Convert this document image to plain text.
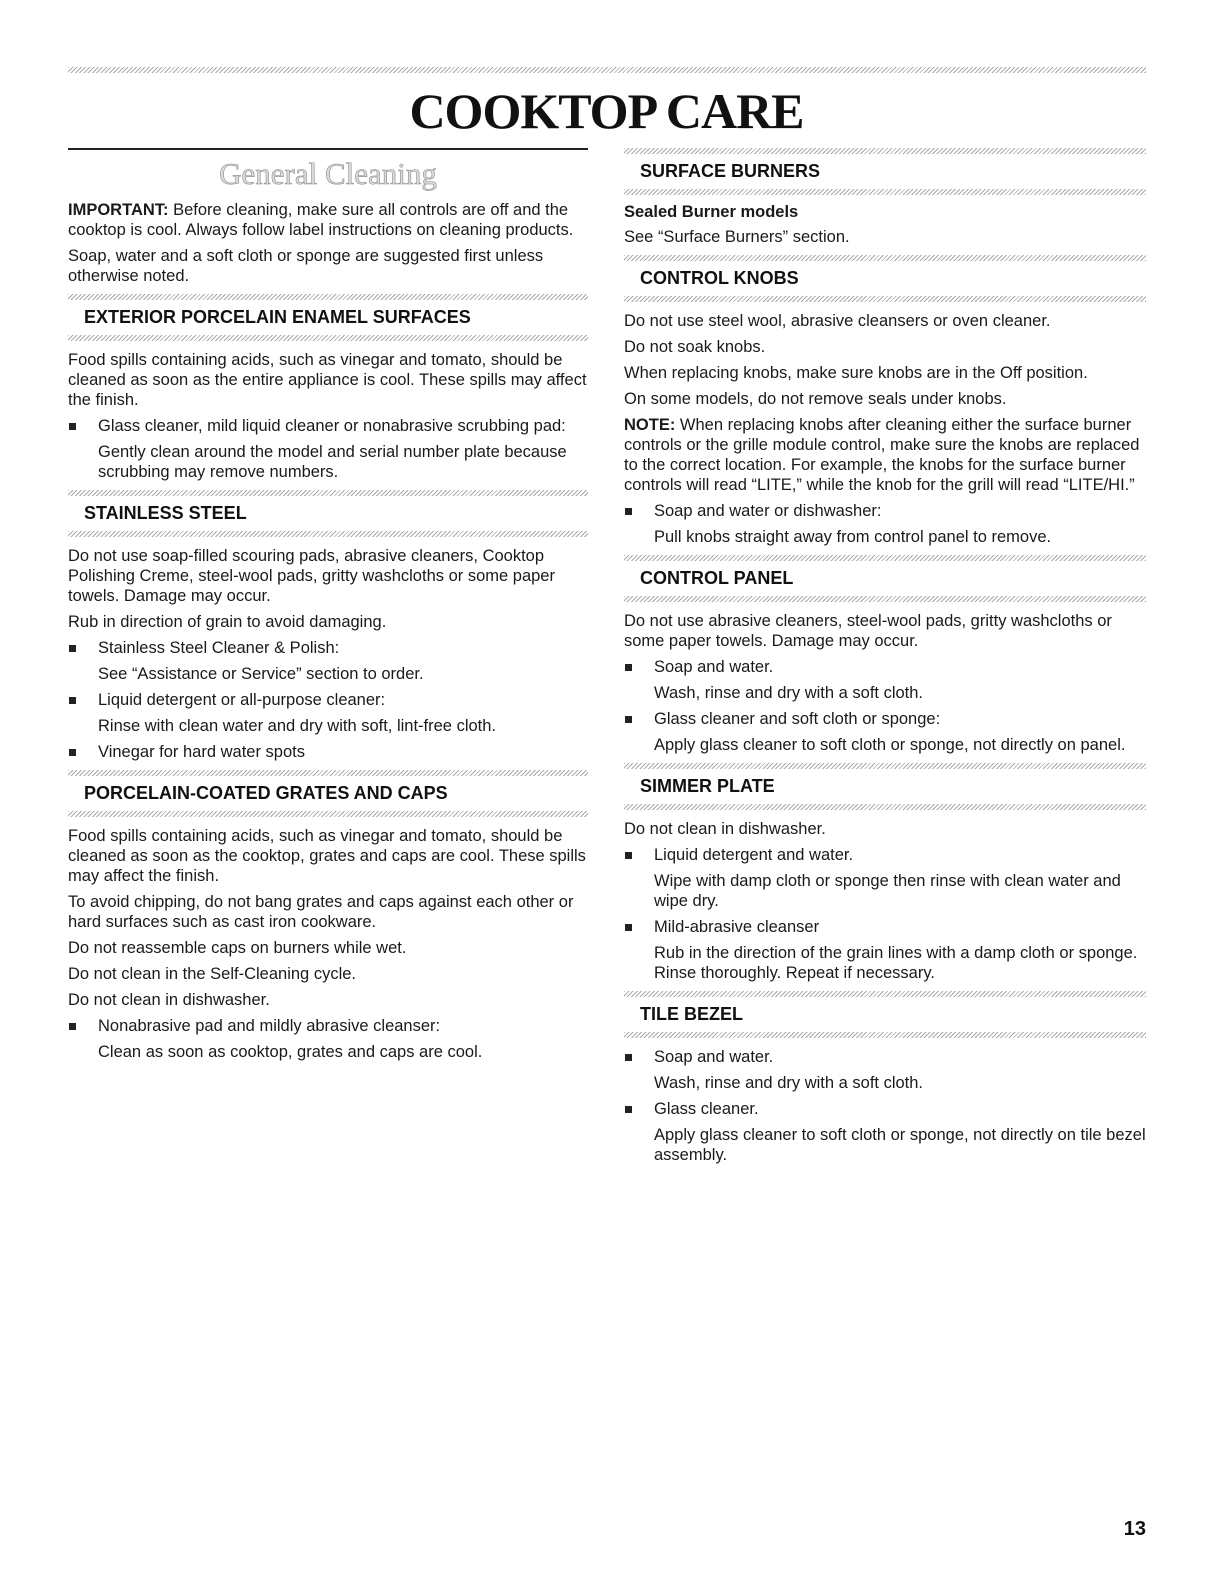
COOKTOP CARE
General Cleaning

IMPORTANT: Before cleaning, make sure all controls are off and the cooktop is cool. Always follow label instructions on cleaning products.

Soap, water and a soft cloth or sponge are suggested first unless otherwise noted.

EXTERIOR PORCELAIN ENAMEL SURFACES

Food spills containing acids, such as vinegar and tomato, should be cleaned as soon as the entire appliance is cool. These spills may affect the finish.

Glass cleaner, mild liquid cleaner or nonabrasive scrubbing pad:
Gently clean around the model and serial number plate because scrubbing may remove numbers.
STAINLESS STEEL

Do not use soap-filled scouring pads, abrasive cleaners, Cooktop Polishing Creme, steel-wool pads, gritty washcloths or some paper towels. Damage may occur.

Rub in direction of grain to avoid damaging.

Stainless Steel Cleaner & Polish:
See “Assistance or Service” section to order.
Liquid detergent or all-purpose cleaner:
Rinse with clean water and dry with soft, lint-free cloth.
Vinegar for hard water spots
PORCELAIN-COATED GRATES AND CAPS

Food spills containing acids, such as vinegar and tomato, should be cleaned as soon as the cooktop, grates and caps are cool. These spills may affect the finish.

To avoid chipping, do not bang grates and caps against each other or hard surfaces such as cast iron cookware.

Do not reassemble caps on burners while wet.

Do not clean in the Self-Cleaning cycle.

Do not clean in dishwasher.

Nonabrasive pad and mildly abrasive cleanser:
Clean as soon as cooktop, grates and caps are cool.
SURFACE BURNERS
Sealed Burner models

See “Surface Burners” section.

CONTROL KNOBS

Do not use steel wool, abrasive cleansers or oven cleaner.

Do not soak knobs.

When replacing knobs, make sure knobs are in the Off position.

On some models, do not remove seals under knobs.

NOTE: When replacing knobs after cleaning either the surface burner controls or the grille module control, make sure the knobs are replaced to the correct location. For example, the knobs for the surface burner controls will read “LITE,” while the knob for the grill will read “LITE/HI.”

Soap and water or dishwasher:
Pull knobs straight away from control panel to remove.
CONTROL PANEL

Do not use abrasive cleaners, steel-wool pads, gritty washcloths or some paper towels. Damage may occur.

Soap and water.
Wash, rinse and dry with a soft cloth.
Glass cleaner and soft cloth or sponge:
Apply glass cleaner to soft cloth or sponge, not directly on panel.
SIMMER PLATE

Do not clean in dishwasher.

Liquid detergent and water.
Wipe with damp cloth or sponge then rinse with clean water and wipe dry.
Mild-abrasive cleanser
Rub in the direction of the grain lines with a damp cloth or sponge. Rinse thoroughly. Repeat if necessary.
TILE BEZEL
Soap and water.
Wash, rinse and dry with a soft cloth.
Glass cleaner.
Apply glass cleaner to soft cloth or sponge, not directly on tile bezel assembly.
13
